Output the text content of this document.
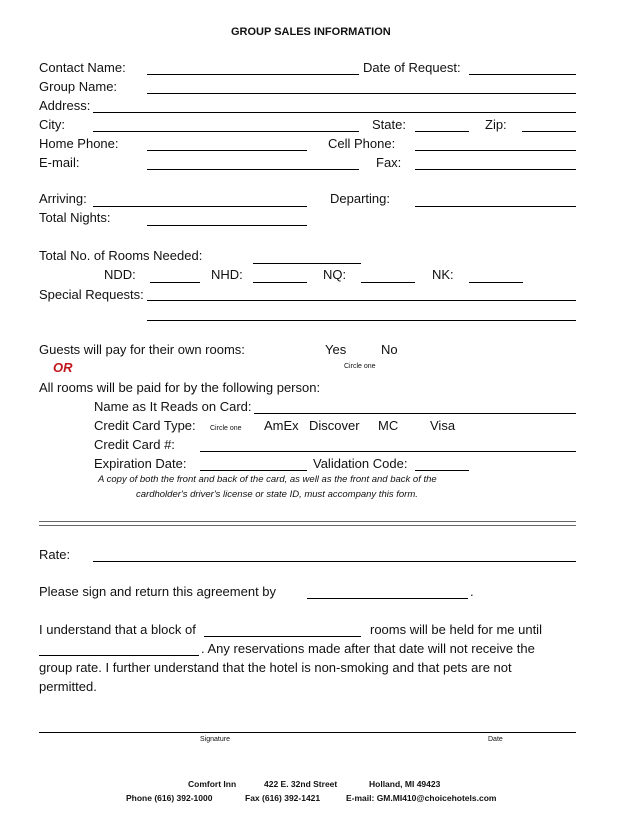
GROUP SALES INFORMATION
Contact Name:	Date of Request:
Group Name:
Address:
City:	State:	Zip:
Home Phone:	Cell Phone:
E-mail:	Fax:
Arriving:	Departing:
Total Nights:
Total No. of Rooms Needed:
NDD:	NHD:	NQ:	NK:
Special Requests:
Guests will pay for their own rooms:	Yes	No
Circle one
OR
All rooms will be paid for by the following person:
Name as It Reads on Card:
Credit Card Type: Circle one AmEx Discover MC Visa
Credit Card #:
Expiration Date:	Validation Code:
A copy of both the front and back of the card, as well as the front and back of the
cardholder's driver's license or state ID, must accompany this form.
Rate:
Please sign and return this agreement by	.
I understand that a block of	rooms will be held for me until
. Any reservations made after that date will not receive the
group rate. I further understand that the hotel is non-smoking and that pets are not
permitted.
Signature	Date
Comfort Inn	422 E. 32nd Street	Holland, MI 49423
Phone (616) 392-1000	Fax (616) 392-1421	E-mail: GM.MI410@choicehotels.com
